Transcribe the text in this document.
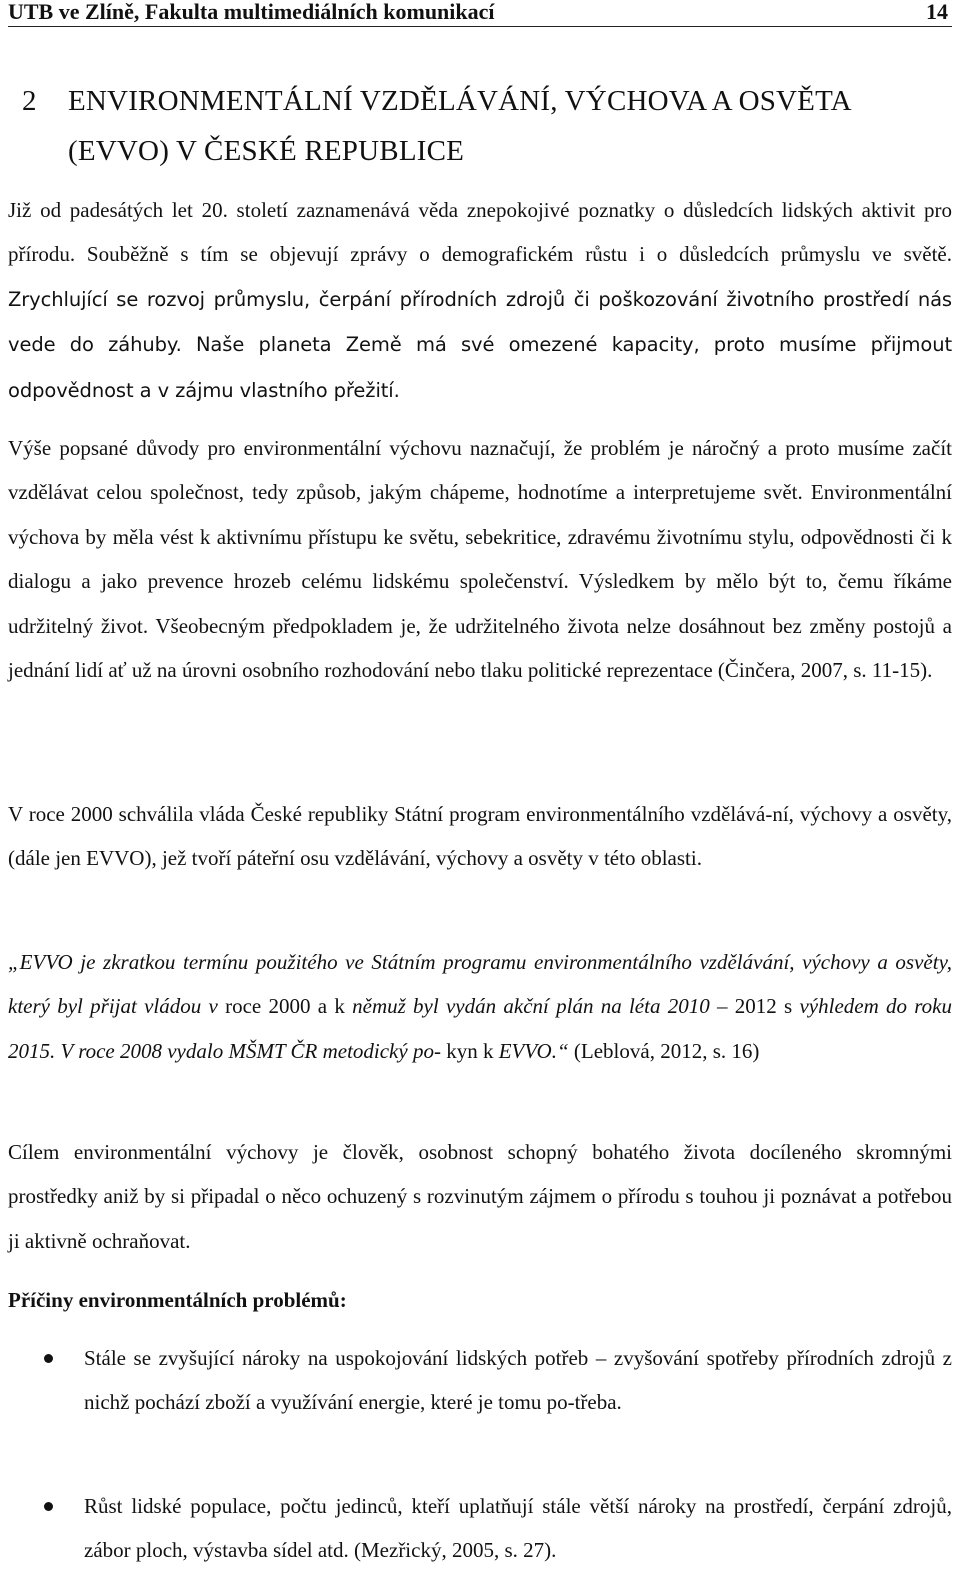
UTB ve Zlíně, Fakulta multimediálních komunikací	14
2 ENVIRONMENTÁLNÍ VZDĚLÁVÁNÍ, VÝCHOVA A OSVĚTA (EVVO) V ČESKÉ REPUBLICE

Již od padesátých let 20. století zaznamenává věda znepokojivé poznatky o důsledcích lidských aktivit pro přírodu. Souběžně s tím se objevují zprávy o demografickém růstu i o důsledcích průmyslu ve světě. Zrychlující se rozvoj průmyslu, čerpání přírodních zdrojů či poškozování životního prostředí nás vede do záhuby. Naše planeta Země má své omezené kapacity, proto musíme přijmout odpovědnost a v zájmu vlastního přežití.

Výše popsané důvody pro environmentální výchovu naznačují, že problém je náročný a proto musíme začít vzdělávat celou společnost, tedy způsob, jakým chápeme, hodnotíme a interpretujeme svět. Environmentální výchova by měla vést k aktivnímu přístupu ke světu, sebekritice, zdravému životnímu stylu, odpovědnosti či k dialogu a jako prevence hrozeb celému lidskému společenství. Výsledkem by mělo být to, čemu říkáme udržitelný život. Všeobecným předpokladem je, že udržitelného života nelze dosáhnout bez změny postojů a jednání lidí ať už na úrovni osobního rozhodování nebo tlaku politické reprezentace (Činčera, 2007, s. 11-15).

V roce 2000 schválila vláda České republiky Státní program environmentálního vzdělává-ní, výchovy a osvěty, (dále jen EVVO), jež tvoří páteřní osu vzdělávání, výchovy a osvěty v této oblasti.

„EVVO je zkratkou termínu použitého ve Státním programu environmentálního vzdělávání, výchovy a osvěty, který byl přijat vládou v roce 2000 a k němuž byl vydán akční plán na léta 2010 – 2012 s výhledem do roku 2015. V roce 2008 vydalo MŠMT ČR metodický po- kyn k EVVO.“ (Leblová, 2012, s. 16)

Cílem environmentální výchovy je člověk, osobnost schopný bohatého života docíleného skromnými prostředky aniž by si připadal o něco ochuzený s rozvinutým zájmem o přírodu s touhou ji poznávat a potřebou ji aktivně ochraňovat.

Příčiny environmentálních problémů:
Stále se zvyšující nároky na uspokojování lidských potřeb – zvyšování spotřeby přírodních zdrojů z nichž pochází zboží a využívání energie, které je tomu po-třeba.
Růst lidské populace, počtu jedinců, kteří uplatňují stále větší nároky na prostředí, čerpání zdrojů, zábor ploch, výstavba sídel atd. (Mezřický, 2005, s. 27).
